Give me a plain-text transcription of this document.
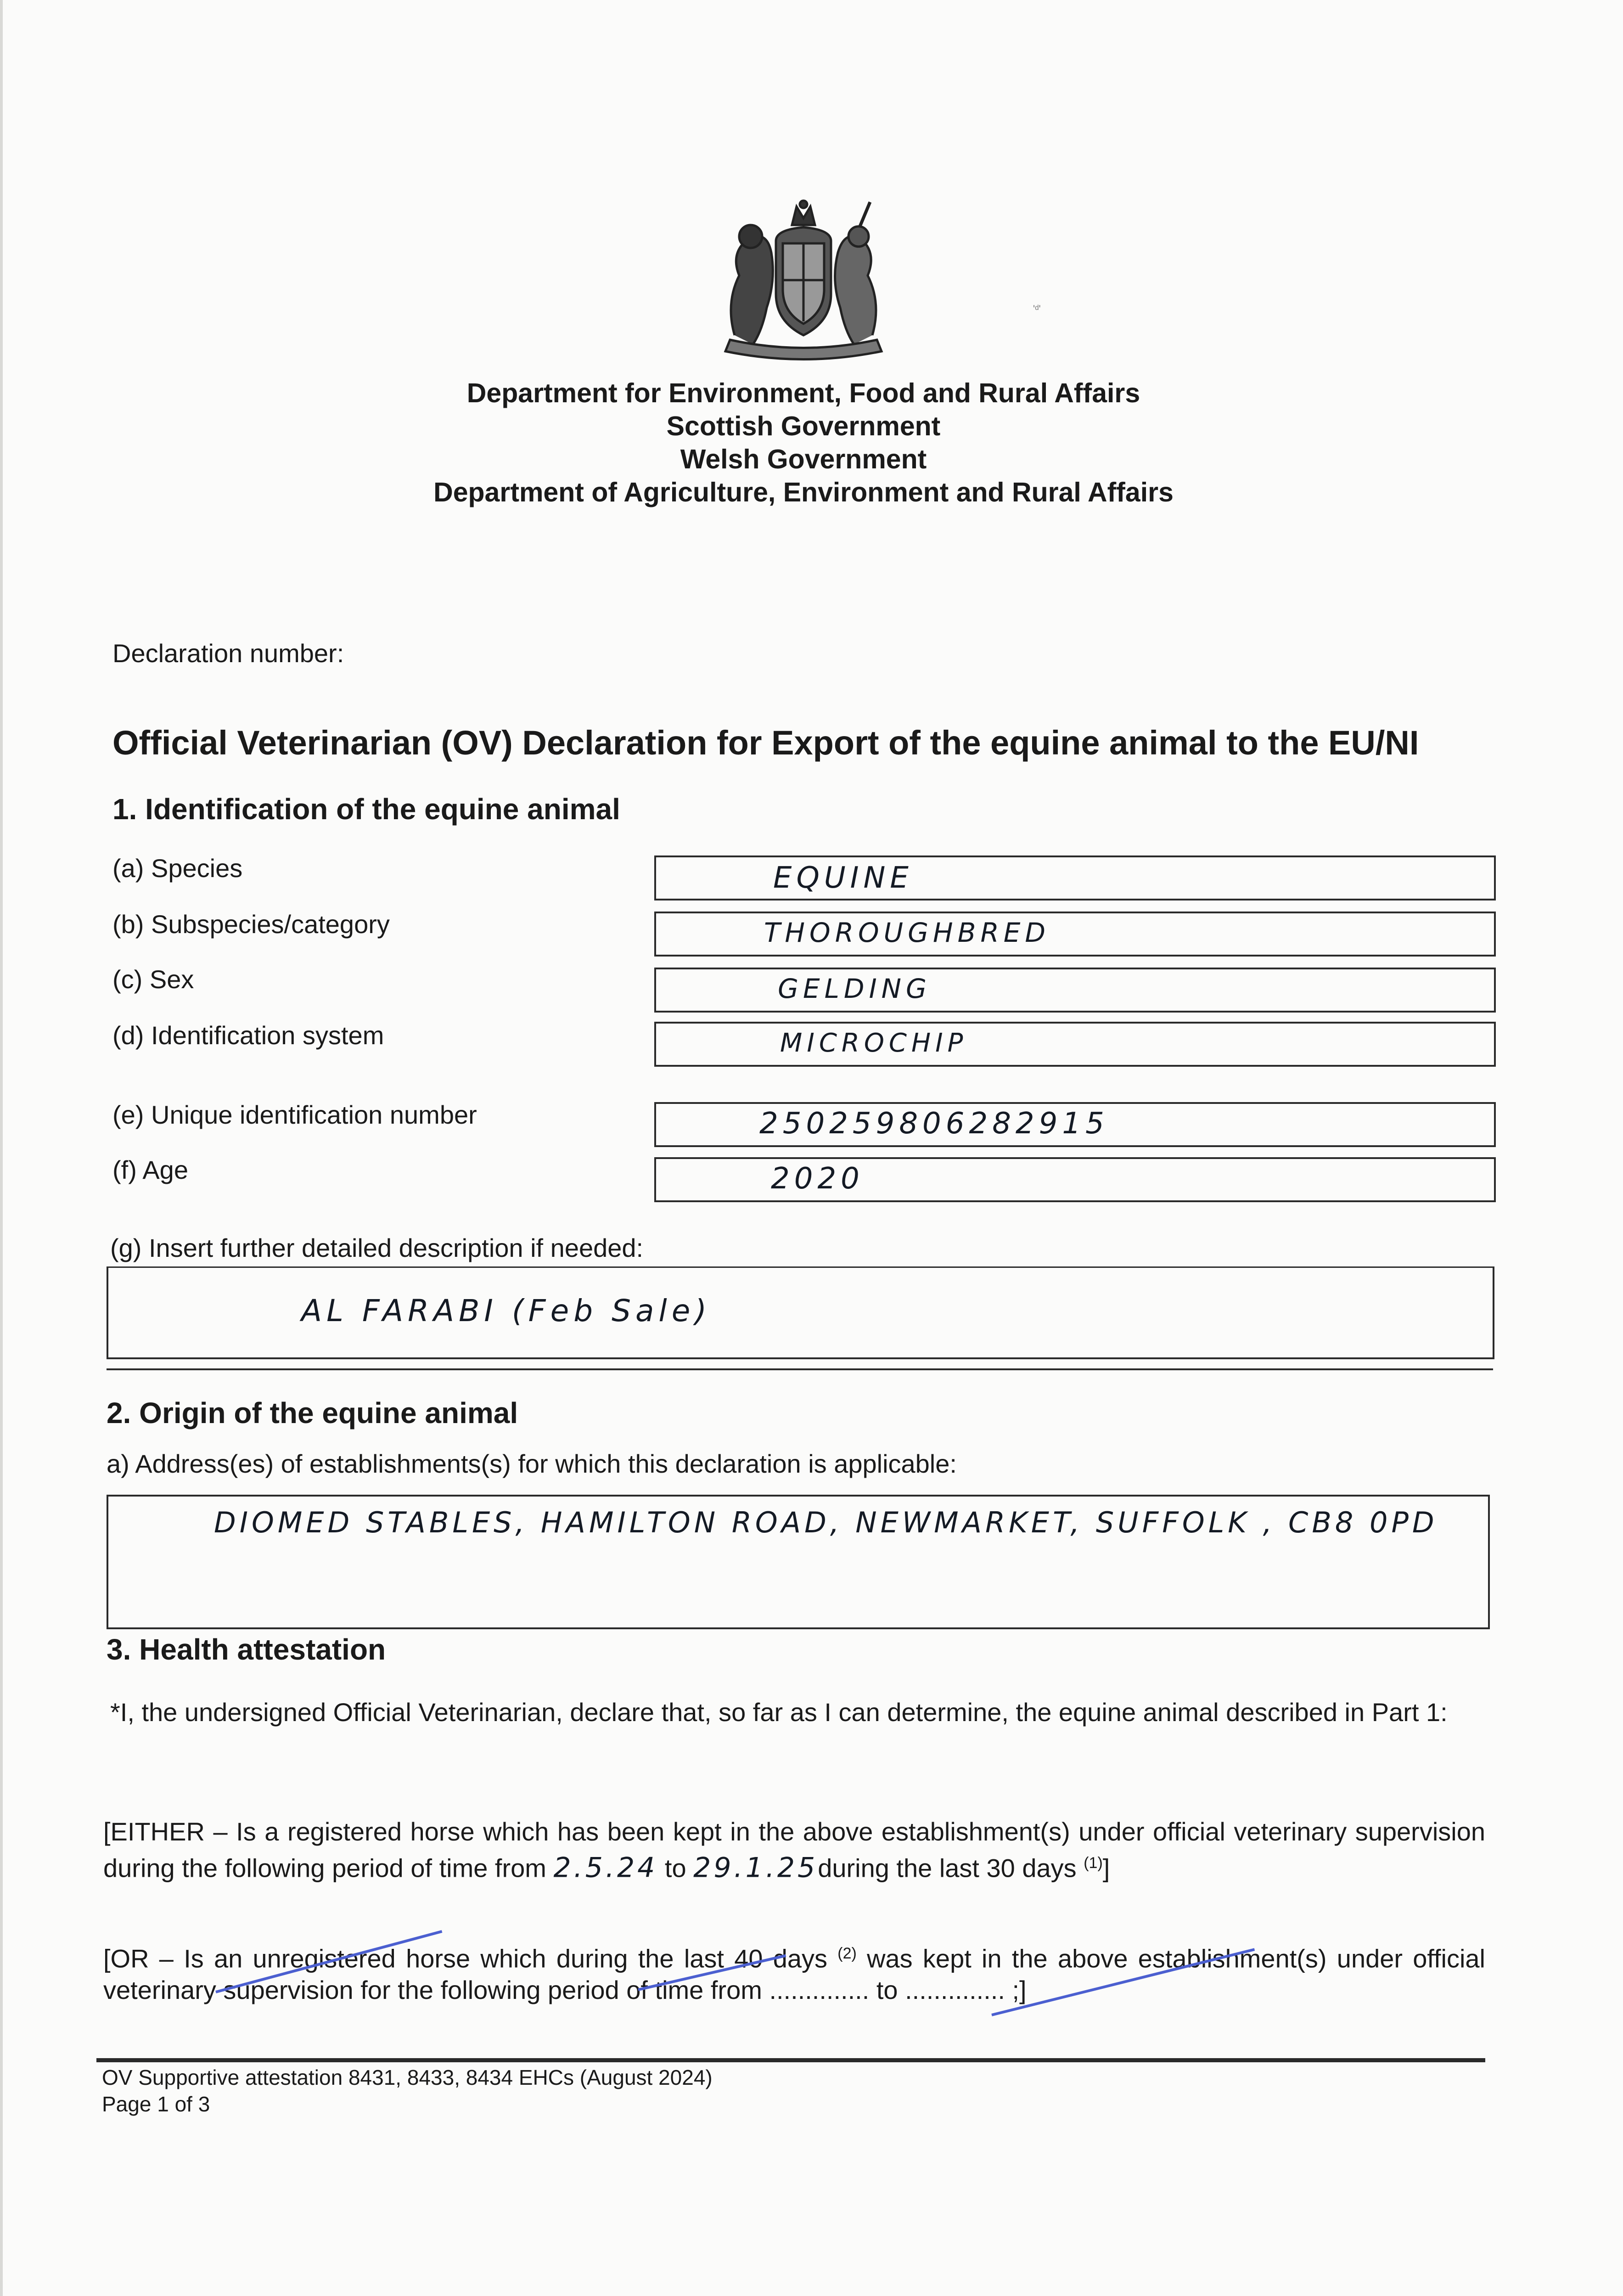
'ᵈ'
Department for Environment, Food and Rural Affairs
Scottish Government
Welsh Government
Department of Agriculture, Environment and Rural Affairs
Declaration number:
Official Veterinarian (OV) Declaration for Export of the equine animal to the EU/NI
1. Identification of the equine animal
(a) Species	EQUINE
(b) Subspecies/category	THOROUGHBRED
(c) Sex	GELDING
(d) Identification system	MICROCHIP
(e) Unique identification number	250259806282915
(f) Age	2020
(g) Insert further detailed description if needed:
AL FARABI (Feb Sale)
2. Origin of the equine animal
a) Address(es) of establishments(s) for which this declaration is applicable:
DIOMED STABLES, HAMILTON ROAD, NEWMARKET, SUFFOLK , CB8 0PD
3. Health attestation
*I, the undersigned Official Veterinarian, declare that, so far as I can determine, the equine animal described in Part 1:
[EITHER – Is a registered horse which has been kept in the above establishment(s) under official veterinary supervision during the following period of time from 2.5.24 to 29.1.25during the last 30 days $^{(1)}$]
[OR – Is an unregistered horse which during the last 40 days $^{(2)}$ was kept in the above establishment(s) under official veterinary supervision for the following period of time from .............. to .............. ;]
OV Supportive attestation 8431, 8433, 8434 EHCs (August 2024)
Page 1 of 3
